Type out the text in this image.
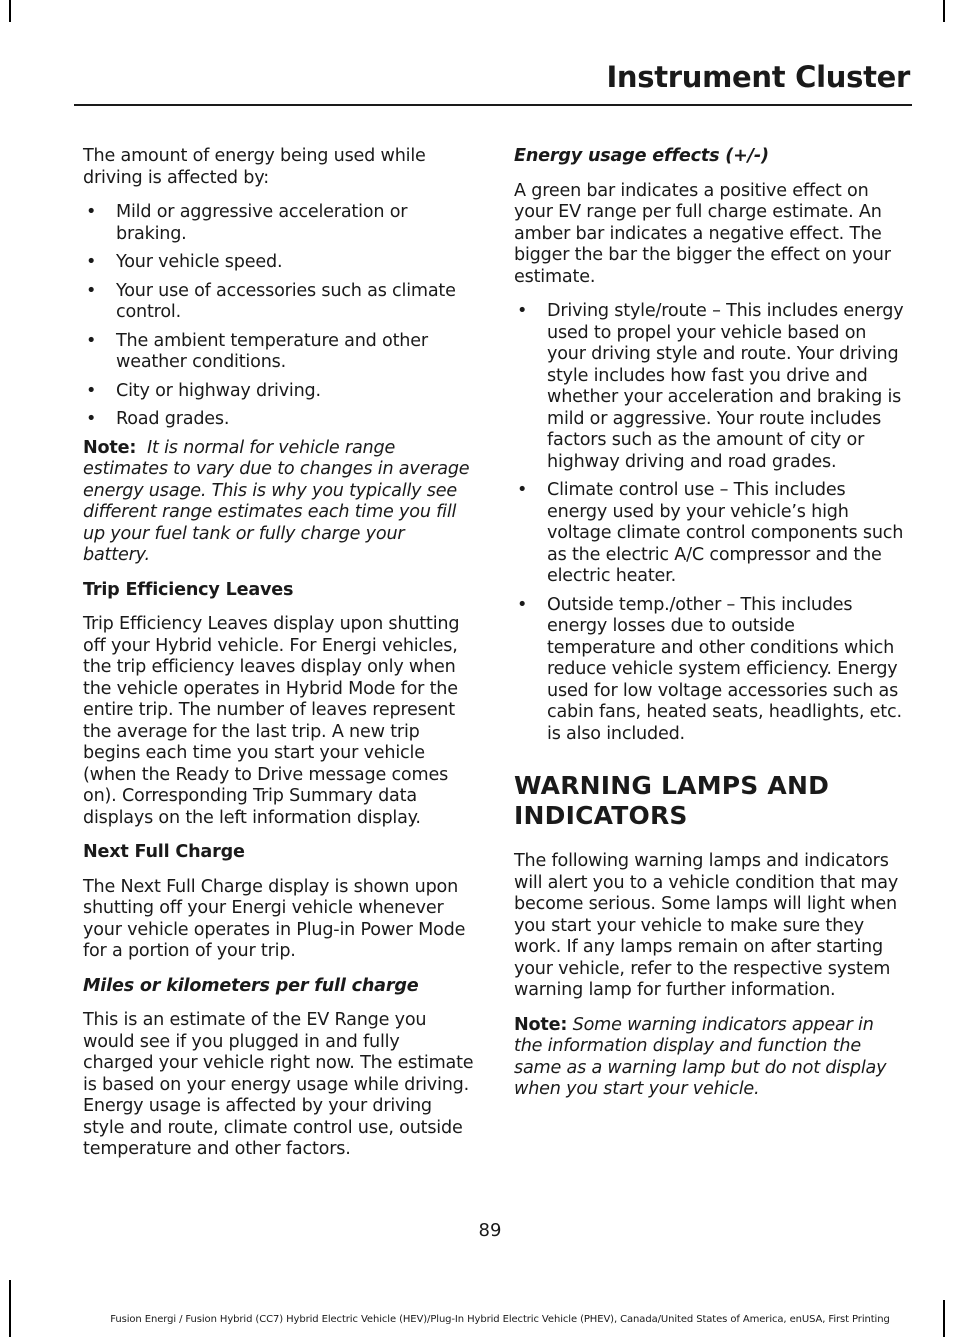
Instrument Cluster

The amount of energy being used while driving is affected by:

• Mild or aggressive acceleration or braking.
• Your vehicle speed.
• Your use of accessories such as climate control.
• The ambient temperature and other weather conditions.
• City or highway driving.
• Road grades.

Note: It is normal for vehicle range estimates to vary due to changes in average energy usage. This is why you typically see different range estimates each time you fill up your fuel tank or fully charge your battery.

Trip Efficiency Leaves

Trip Efficiency Leaves display upon shutting off your Hybrid vehicle. For Energi vehicles, the trip efficiency leaves display only when the vehicle operates in Hybrid Mode for the entire trip. The number of leaves represent the average for the last trip. A new trip begins each time you start your vehicle (when the Ready to Drive message comes on). Corresponding Trip Summary data displays on the left information display.

Next Full Charge

The Next Full Charge display is shown upon shutting off your Energi vehicle whenever your vehicle operates in Plug-in Power Mode for a portion of your trip.

Miles or kilometers per full charge

This is an estimate of the EV Range you would see if you plugged in and fully charged your vehicle right now. The estimate is based on your energy usage while driving. Energy usage is affected by your driving style and route, climate control use, outside temperature and other factors.

Energy usage effects (+/-)

A green bar indicates a positive effect on your EV range per full charge estimate. An amber bar indicates a negative effect. The bigger the bar the bigger the effect on your estimate.

• Driving style/route – This includes energy used to propel your vehicle based on your driving style and route. Your driving style includes how fast you drive and whether your acceleration and braking is mild or aggressive. Your route includes factors such as the amount of city or highway driving and road grades.
• Climate control use – This includes energy used by your vehicle’s high voltage climate control components such as the electric A/C compressor and the electric heater.
• Outside temp./other – This includes energy losses due to outside temperature and other conditions which reduce vehicle system efficiency. Energy used for low voltage accessories such as cabin fans, heated seats, headlights, etc. is also included.
WARNING LAMPS AND
INDICATORS

The following warning lamps and indicators will alert you to a vehicle condition that may become serious. Some lamps will light when you start your vehicle to make sure they work. If any lamps remain on after starting your vehicle, refer to the respective system warning lamp for further information.

Note: Some warning indicators appear in the information display and function the same as a warning lamp but do not display when you start your vehicle.

89
Fusion Energi / Fusion Hybrid (CC7) Hybrid Electric Vehicle (HEV)/Plug-In Hybrid Electric Vehicle (PHEV), Canada/United States of America, enUSA, First Printing
